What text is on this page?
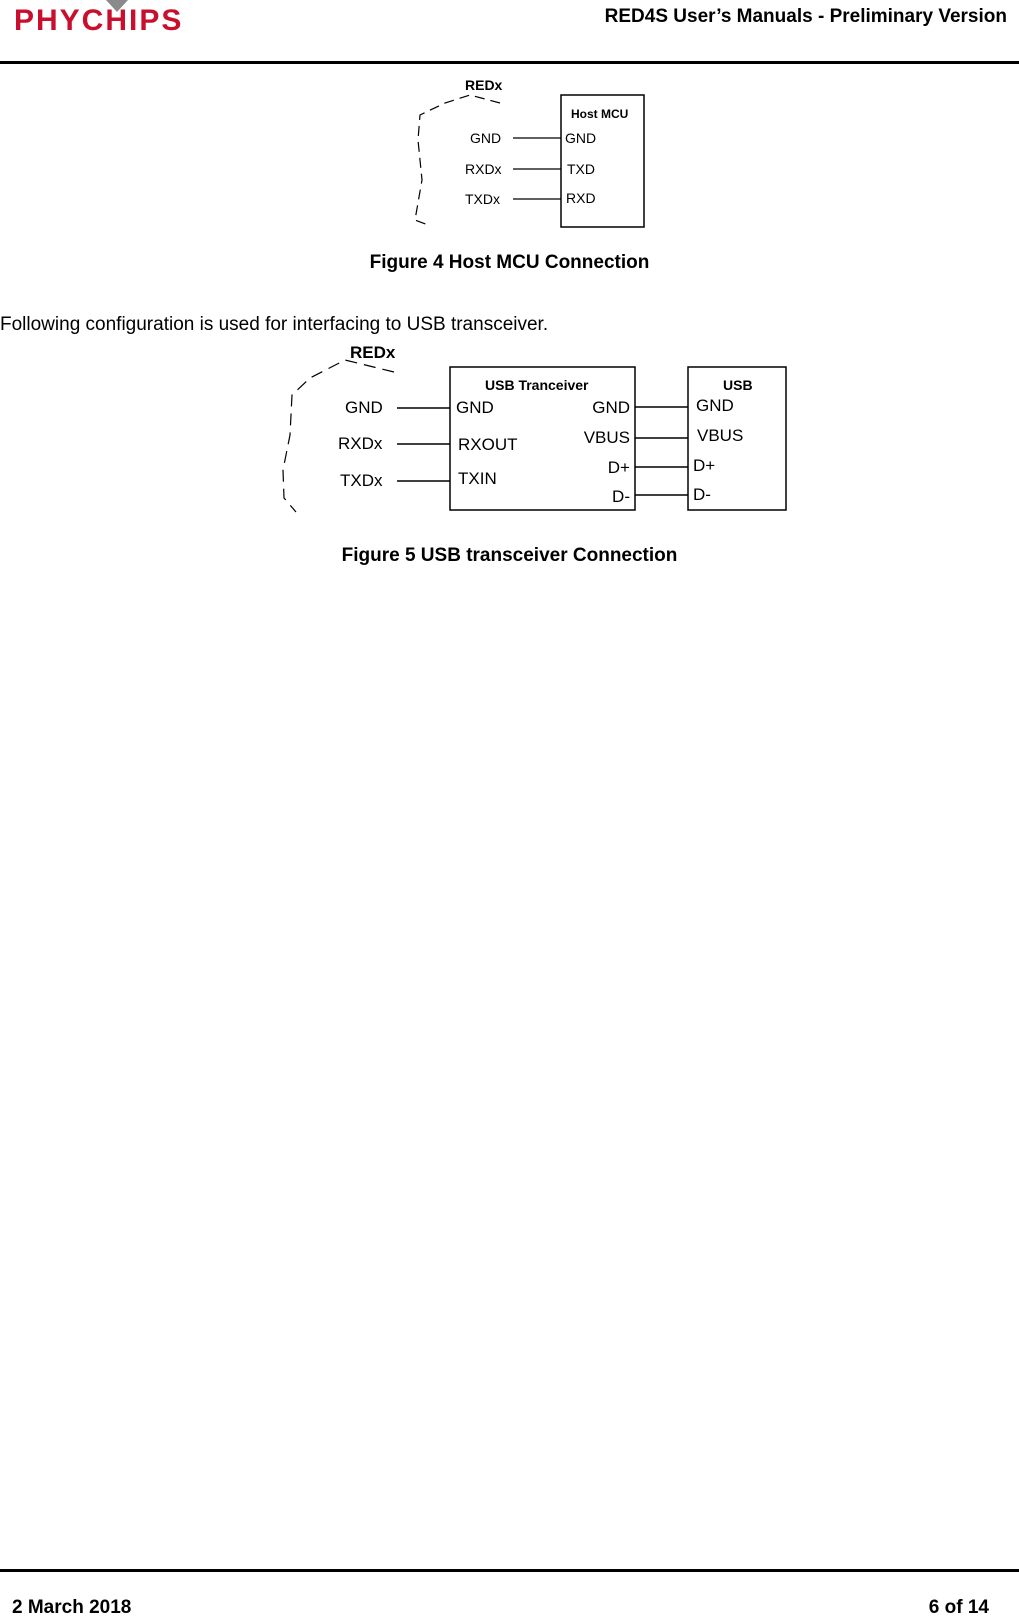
PHYCHIPS	RED4S User’s Manuals - Preliminary Version
REDx
GND
RXDx
TXDx
Host MCU
GND
TXD
RXD
Figure 4 Host MCU Connection
Following configuration is used for interfacing to USB transceiver.
REDx
GND
RXDx
TXDx
USB Tranceiver
GND
RXOUT
TXIN
GND
VBUS
D+
D-
USB
GND
VBUS
D+
D-
Figure 5 USB transceiver Connection
2 March 2018	6 of 14
